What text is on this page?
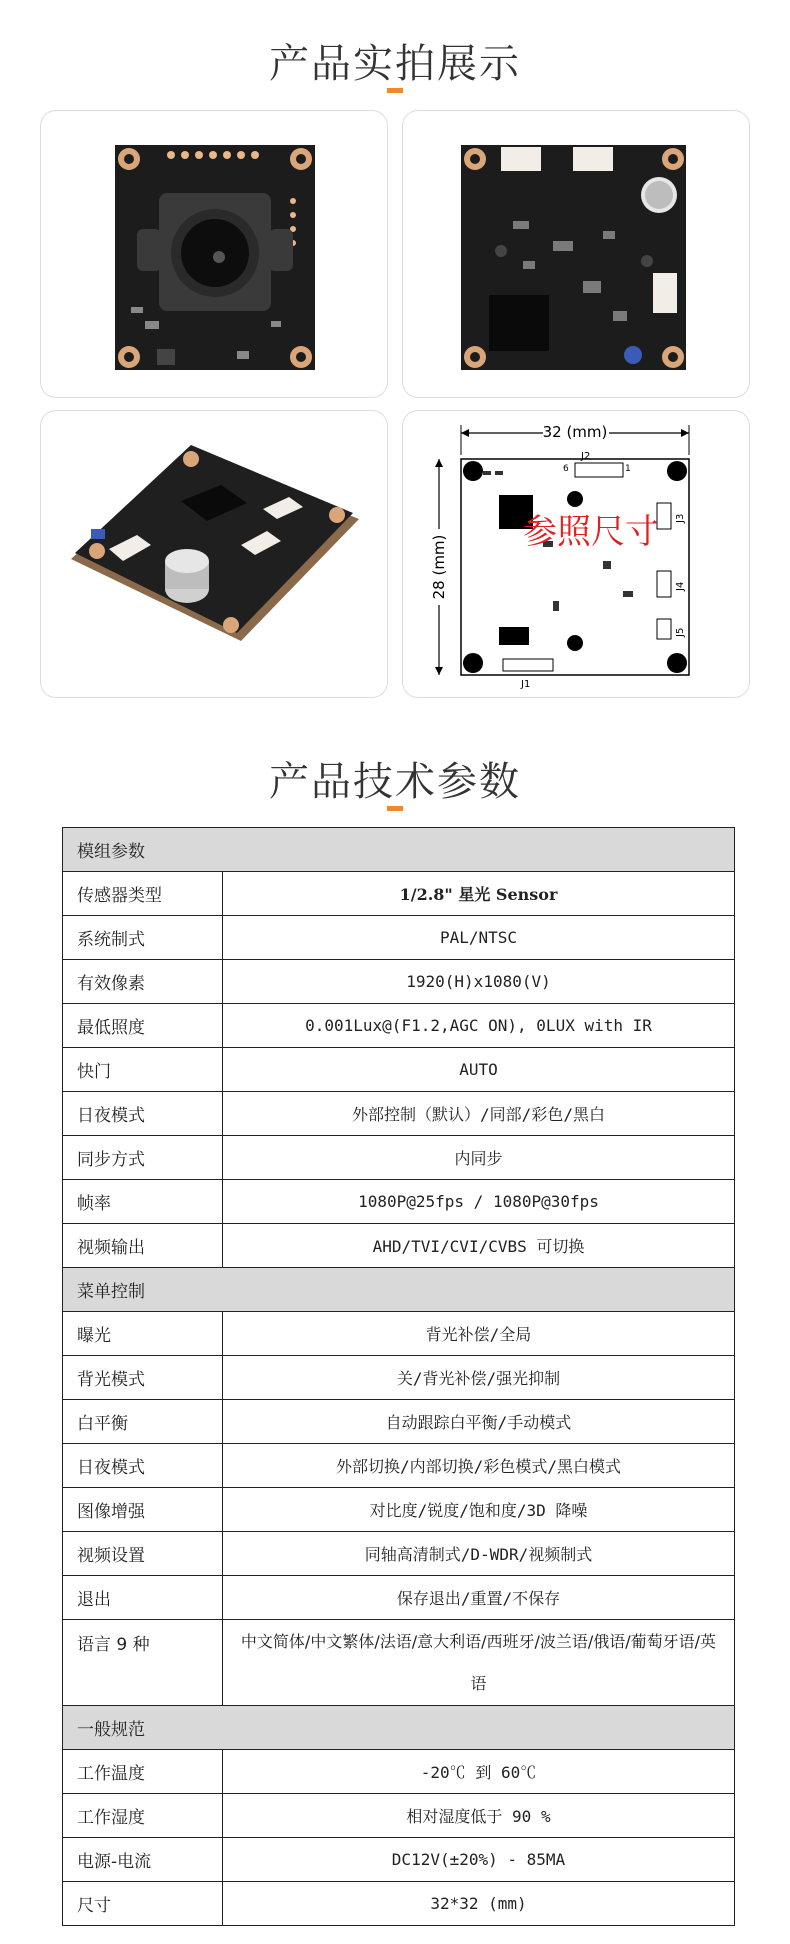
产品实拍展示
32 (mm)
28 (mm)
参照尺寸
J2
6	1
J1
J3
J4
J5
产品技术参数
模组参数	
传感器类型	1/2.8" 星光 Sensor
系统制式	PAL/NTSC
有效像素	1920(H)x1080(V)
最低照度	0.001Lux@(F1.2,AGC ON), 0LUX with IR
快门	AUTO
日夜模式	外部控制（默认）/同部/彩色/黑白
同步方式	内同步
帧率	1080P@25fps / 1080P@30fps
视频输出	AHD/TVI/CVI/CVBS 可切换
菜单控制	
曝光	背光补偿/全局
背光模式	关/背光补偿/强光抑制
白平衡	自动跟踪白平衡/手动模式
日夜模式	外部切换/内部切换/彩色模式/黑白模式
图像增强	对比度/锐度/饱和度/3D 降噪
视频设置	同轴高清制式/D-WDR/视频制式
退出	保存退出/重置/不保存
语言 9 种	中文简体/中文繁体/法语/意大利语/西班牙/波兰语/俄语/葡萄牙语/英语
一般规范	
工作温度	-20℃ 到 60℃
工作湿度	相对湿度低于 90 %
电源-电流	DC12V(±20%) - 85MA
尺寸	32*32 (mm)
